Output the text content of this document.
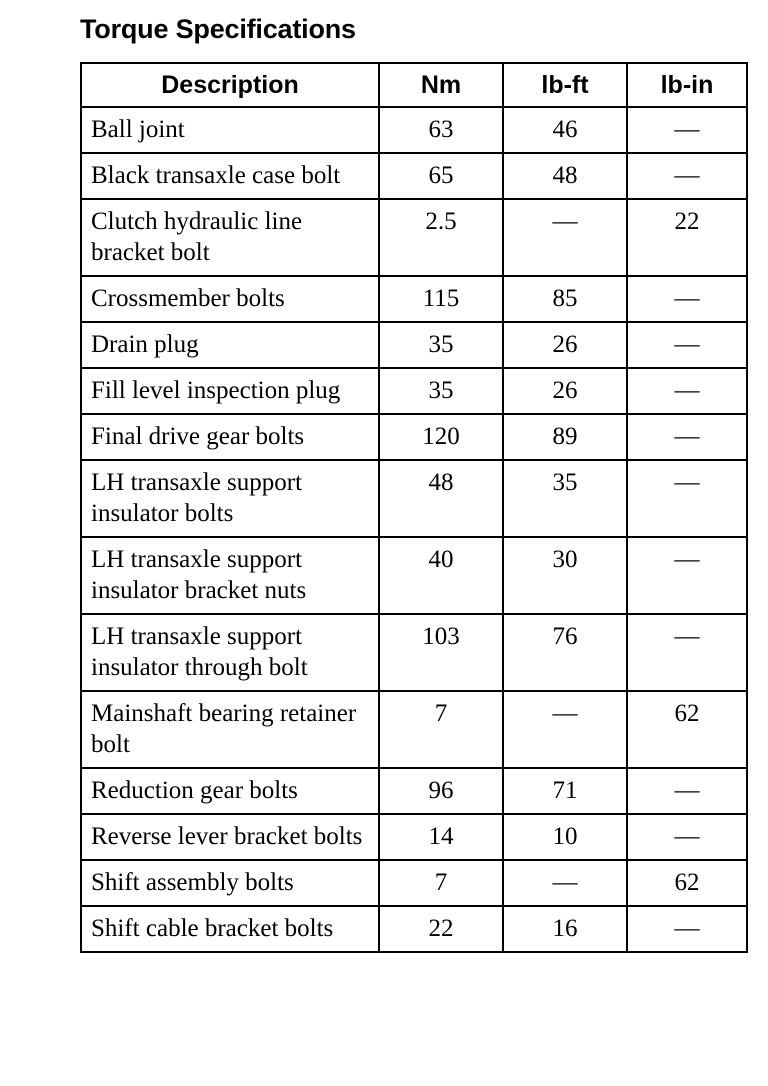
Torque Specifications
Description	Nm	lb-ft	lb-in
Ball joint	63	46	—
Black transaxle case bolt	65	48	—
Clutch hydraulic line bracket bolt	2.5	—	22
Crossmember bolts	115	85	—
Drain plug	35	26	—
Fill level inspection plug	35	26	—
Final drive gear bolts	120	89	—
LH transaxle support insulator bolts	48	35	—
LH transaxle support insulator bracket nuts	40	30	—
LH transaxle support insulator through bolt	103	76	—
Mainshaft bearing retainer bolt	7	—	62
Reduction gear bolts	96	71	—
Reverse lever bracket bolts	14	10	—
Shift assembly bolts	7	—	62
Shift cable bracket bolts	22	16	—
